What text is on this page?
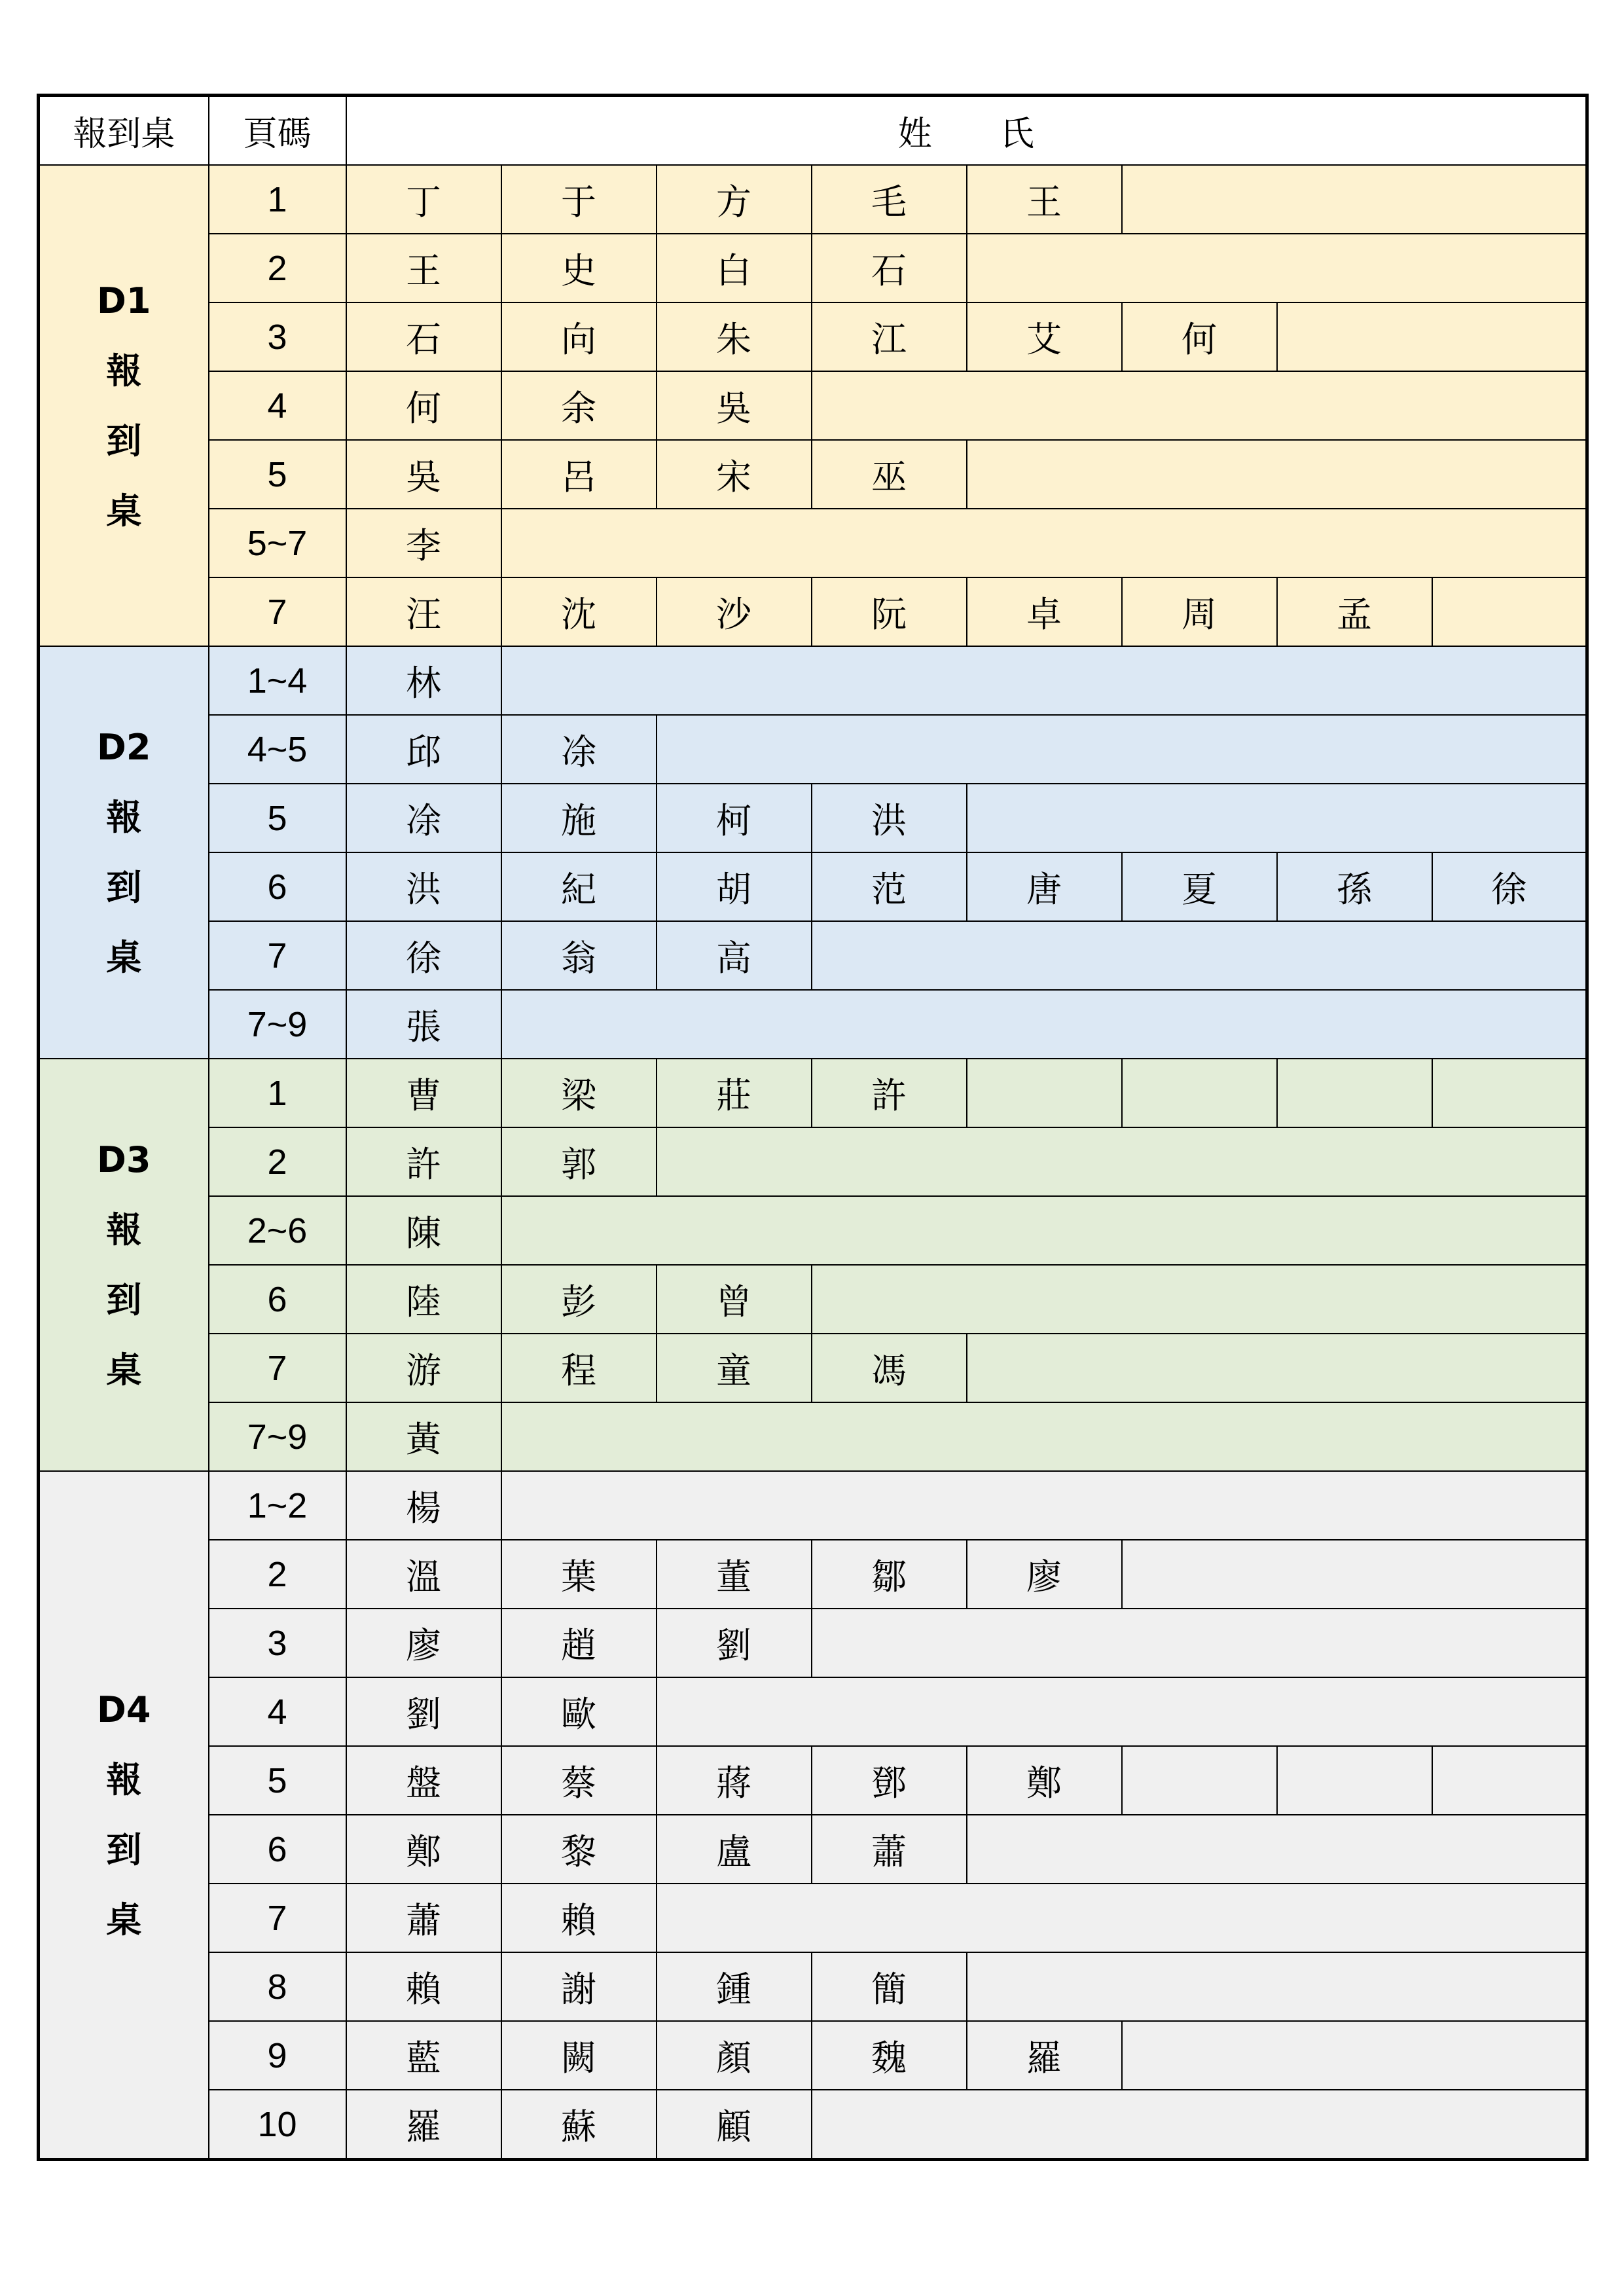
報到桌	頁碼	姓　　氏							

D1
報
到
桌	1	丁	于	方	毛	王			
	2	王	史	白	石				
	3	石	向	朱	江	艾	何		
	4	何	余	吳					
	5	吳	呂	宋	巫				
	5~7	李							
	7	汪	沈	沙	阮	卓	周	孟	

D2
報
到
桌	1~4	林							
	4~5	邱	凃						
	5	凃	施	柯	洪				
	6	洪	紀	胡	范	唐	夏	孫	徐
	7	徐	翁	高					
	7~9	張							

D3
報
到
桌	1	曹	梁	莊	許				
	2	許	郭						
	2~6	陳							
	6	陸	彭	曾					
	7	游	程	童	馮				
	7~9	黃							

D4
報
到
桌	1~2	楊							
	2	溫	葉	董	鄒	廖			
	3	廖	趙	劉					
	4	劉	歐						
	5	盤	蔡	蔣	鄧	鄭			
	6	鄭	黎	盧	蕭				
	7	蕭	賴						
	8	賴	謝	鍾	簡				
	9	藍	闕	顏	魏	羅			
	10	羅	蘇	顧					
